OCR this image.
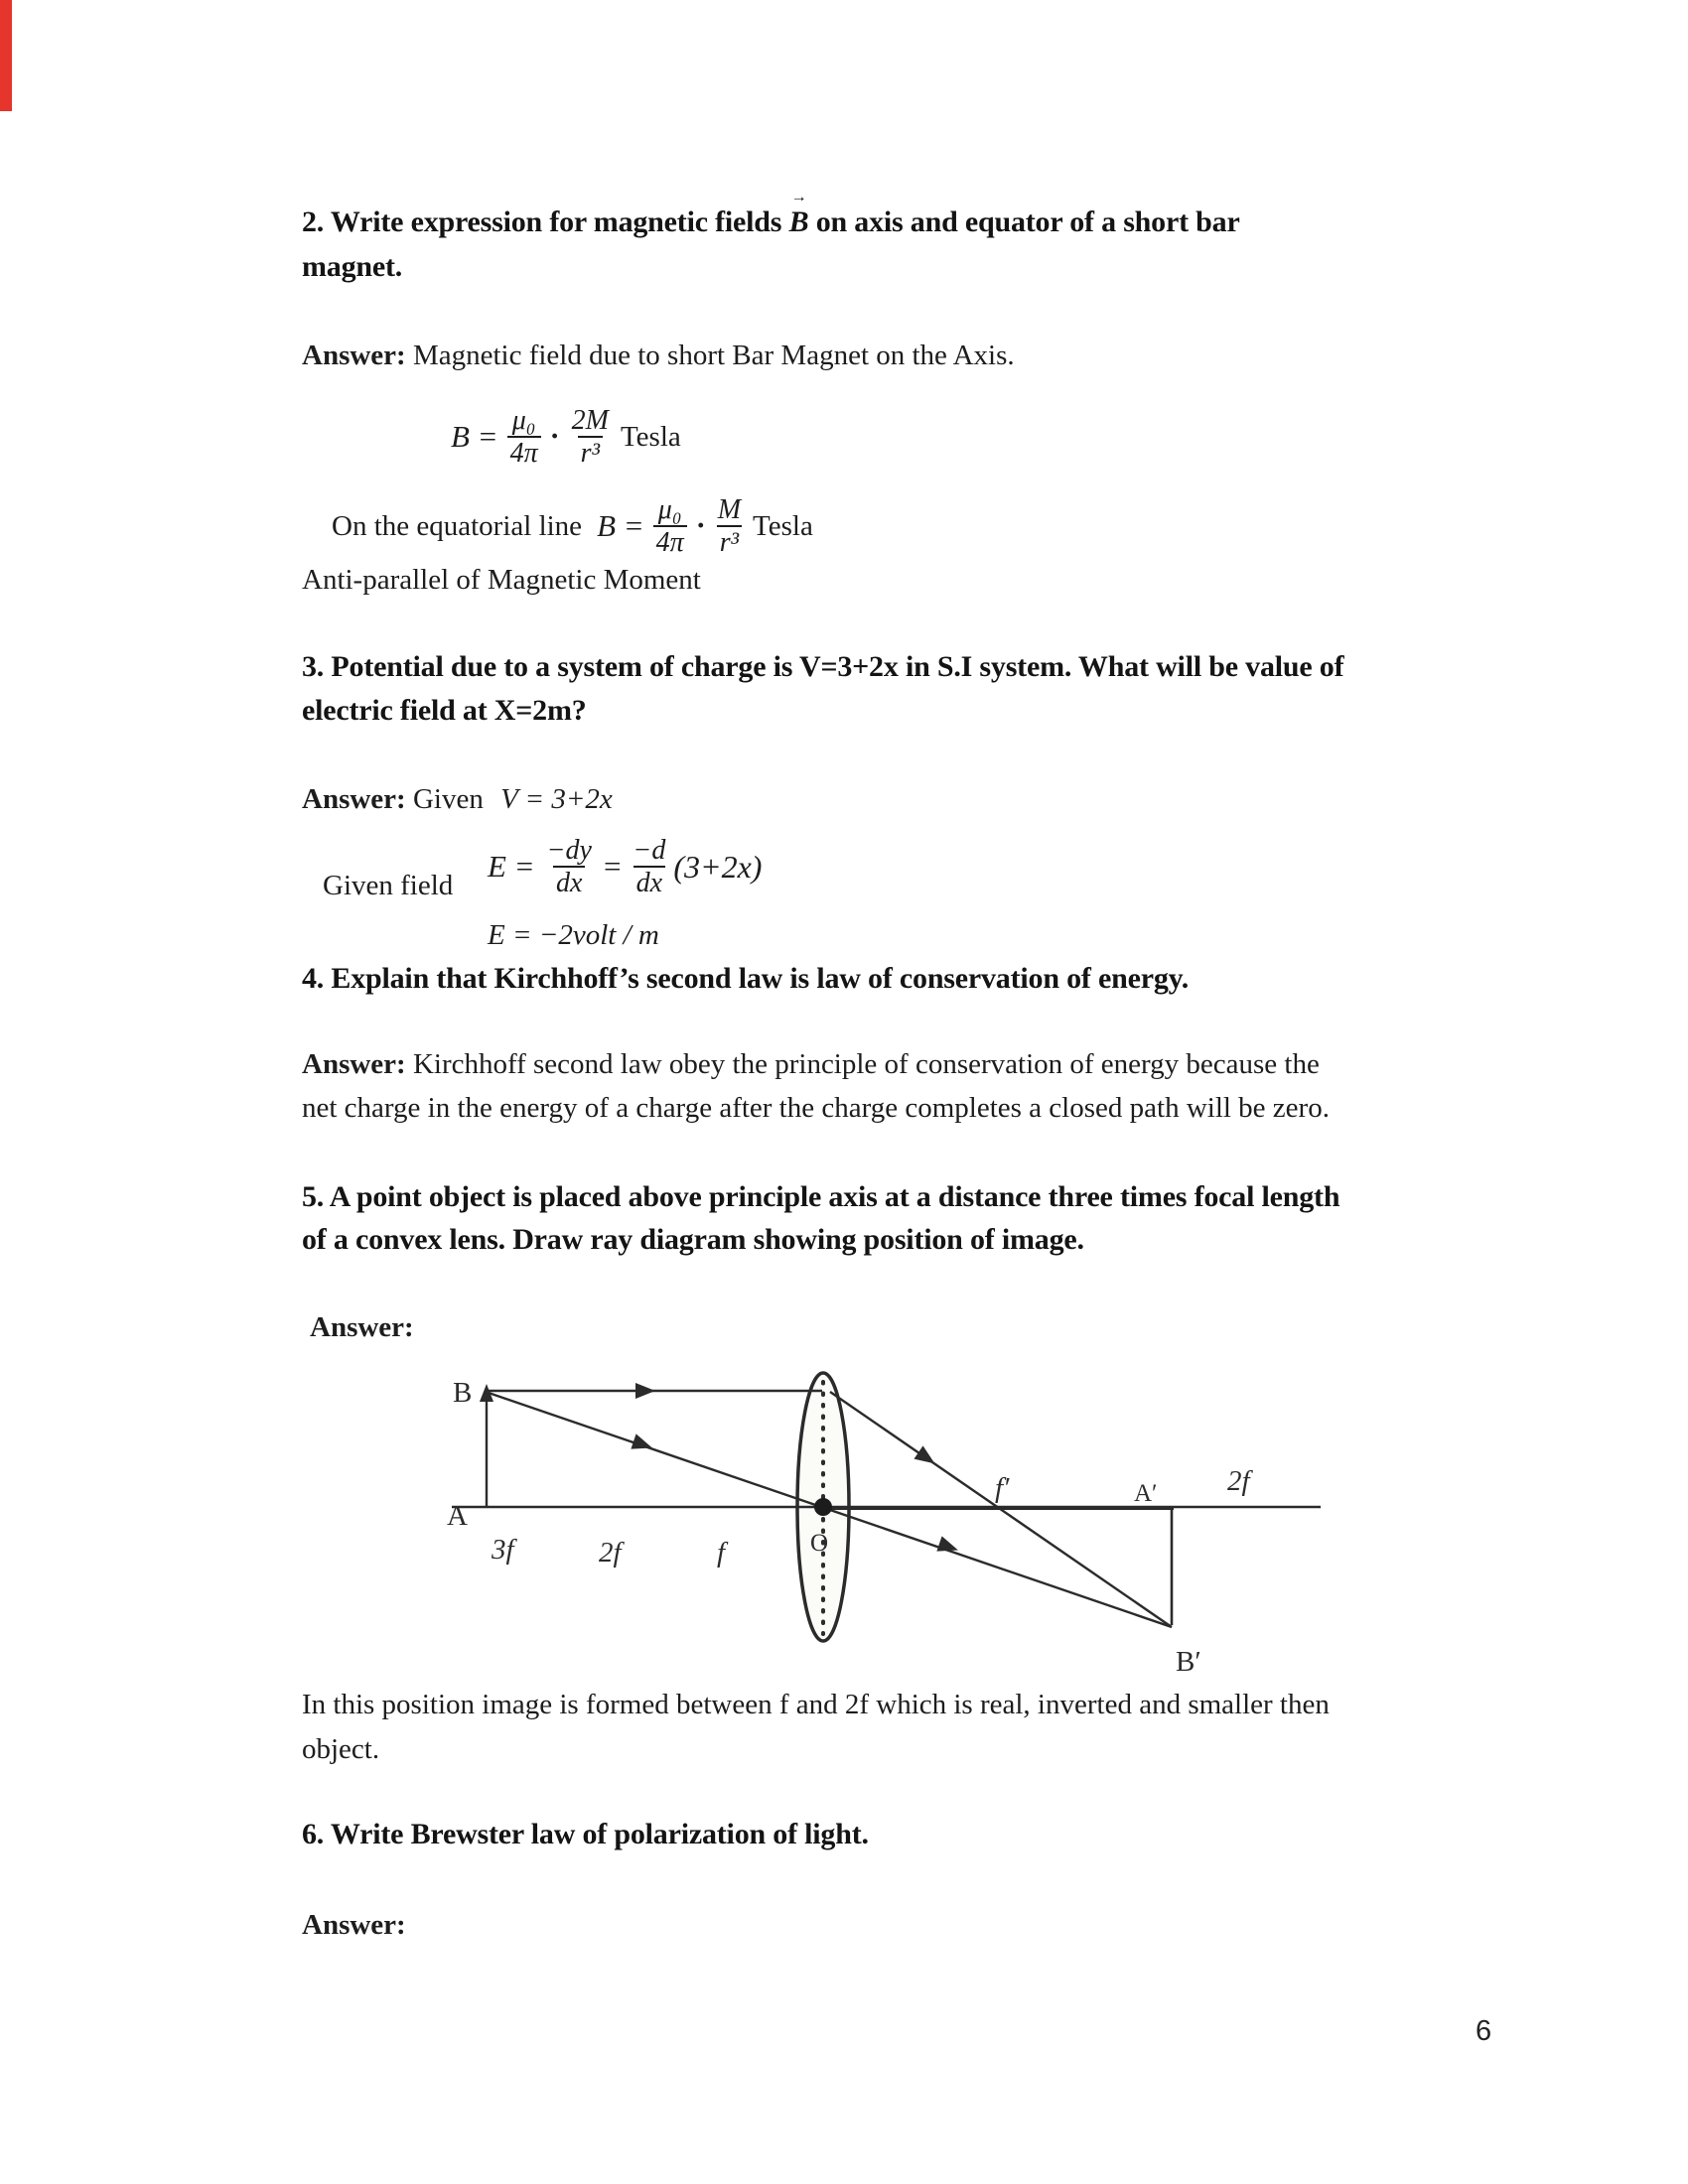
2. Write expression for magnetic fields
→
B on axis and equator of a short bar
magnet.
Answer: Magnetic field due to short Bar Magnet on the Axis.
$B = \frac{\text{μ₀}}{4\pi} \cdot \frac{2M}{\text{r³}}$ Tesla
On the equatorial line $B = \frac{\text{μ₀}}{4\pi} \cdot \frac{M}{\text{r³}}$ Tesla
Anti-parallel of Magnetic Moment
3. Potential due to a system of charge is V=3+2x in S.I system. What will be value of
electric field at X=2m?
Answer: Given V = 3+2x
Given field
$E = \frac{-dy}{dx} = \frac{-d}{dx} (3+2x)$
E = −2volt / m
4. Explain that Kirchhoff’s second law is law of conservation of energy.
Answer: Kirchhoff second law obey the principle of conservation of energy because the
net charge in the energy of a charge after the charge completes a closed path will be zero.
5. A point object is placed above principle axis at a distance three times focal length
of a convex lens. Draw ray diagram showing position of image.
Answer:
B
A
3f	2f	f	O
f′	A′ 2f
B′
In this position image is formed between f and 2f which is real, inverted and smaller then
object.
6. Write Brewster law of polarization of light.
Answer:
6
